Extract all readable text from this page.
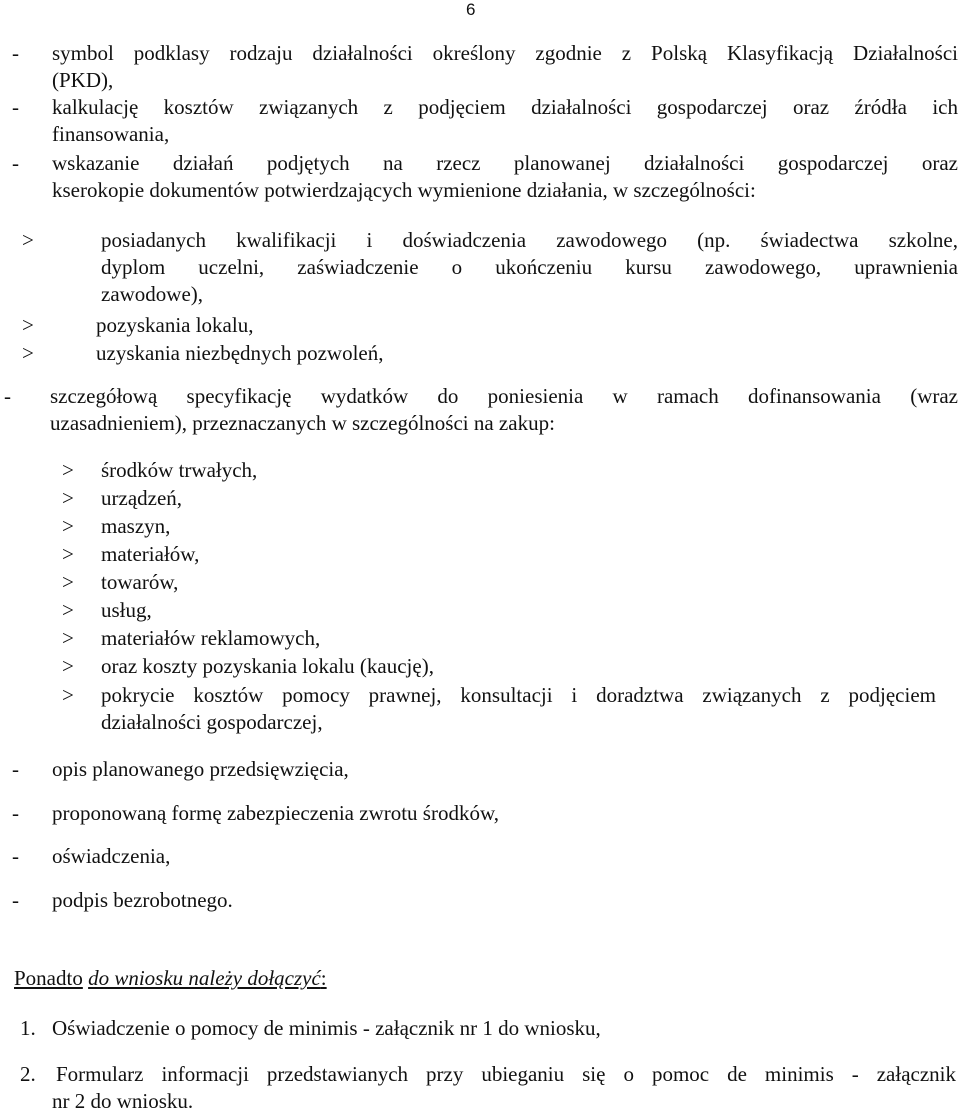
6
- symbol podklasy rodzaju działalności określony zgodnie z Polską Klasyfikacją Działalności
(PKD),
- kalkulację kosztów związanych z podjęciem działalności gospodarczej oraz źródła ich
finansowania,
- wskazanie działań podjętych na rzecz planowanej działalności gospodarczej oraz
kserokopie dokumentów potwierdzających wymienione działania, w szczególności:
>	posiadanych kwalifikacji i doświadczenia zawodowego (np. świadectwa szkolne,
dyplom uczelni, zaświadczenie o ukończeniu kursu zawodowego, uprawnienia
zawodowe),
>	pozyskania lokalu,
>	uzyskania niezbędnych pozwoleń,
- szczegółową specyfikację wydatków do poniesienia w ramach dofinansowania (wraz
uzasadnieniem), przeznaczanych w szczególności na zakup:
> środków trwałych,
> urządzeń,
> maszyn,
> materiałów,
> towarów,
> usług,
> materiałów reklamowych,
> oraz koszty pozyskania lokalu (kaucję),
> pokrycie kosztów pomocy prawnej, konsultacji i doradztwa związanych z podjęciem
działalności gospodarczej,
- opis planowanego przedsięwzięcia,
- proponowaną formę zabezpieczenia zwrotu środków,
- oświadczenia,
- podpis bezrobotnego.
Ponadto do wniosku należy dołączyć:
1. Oświadczenie o pomocy de minimis - załącznik nr 1 do wniosku,
2. Formularz informacji przedstawianych przy ubieganiu się o pomoc de minimis - załącznik
nr 2 do wniosku.
